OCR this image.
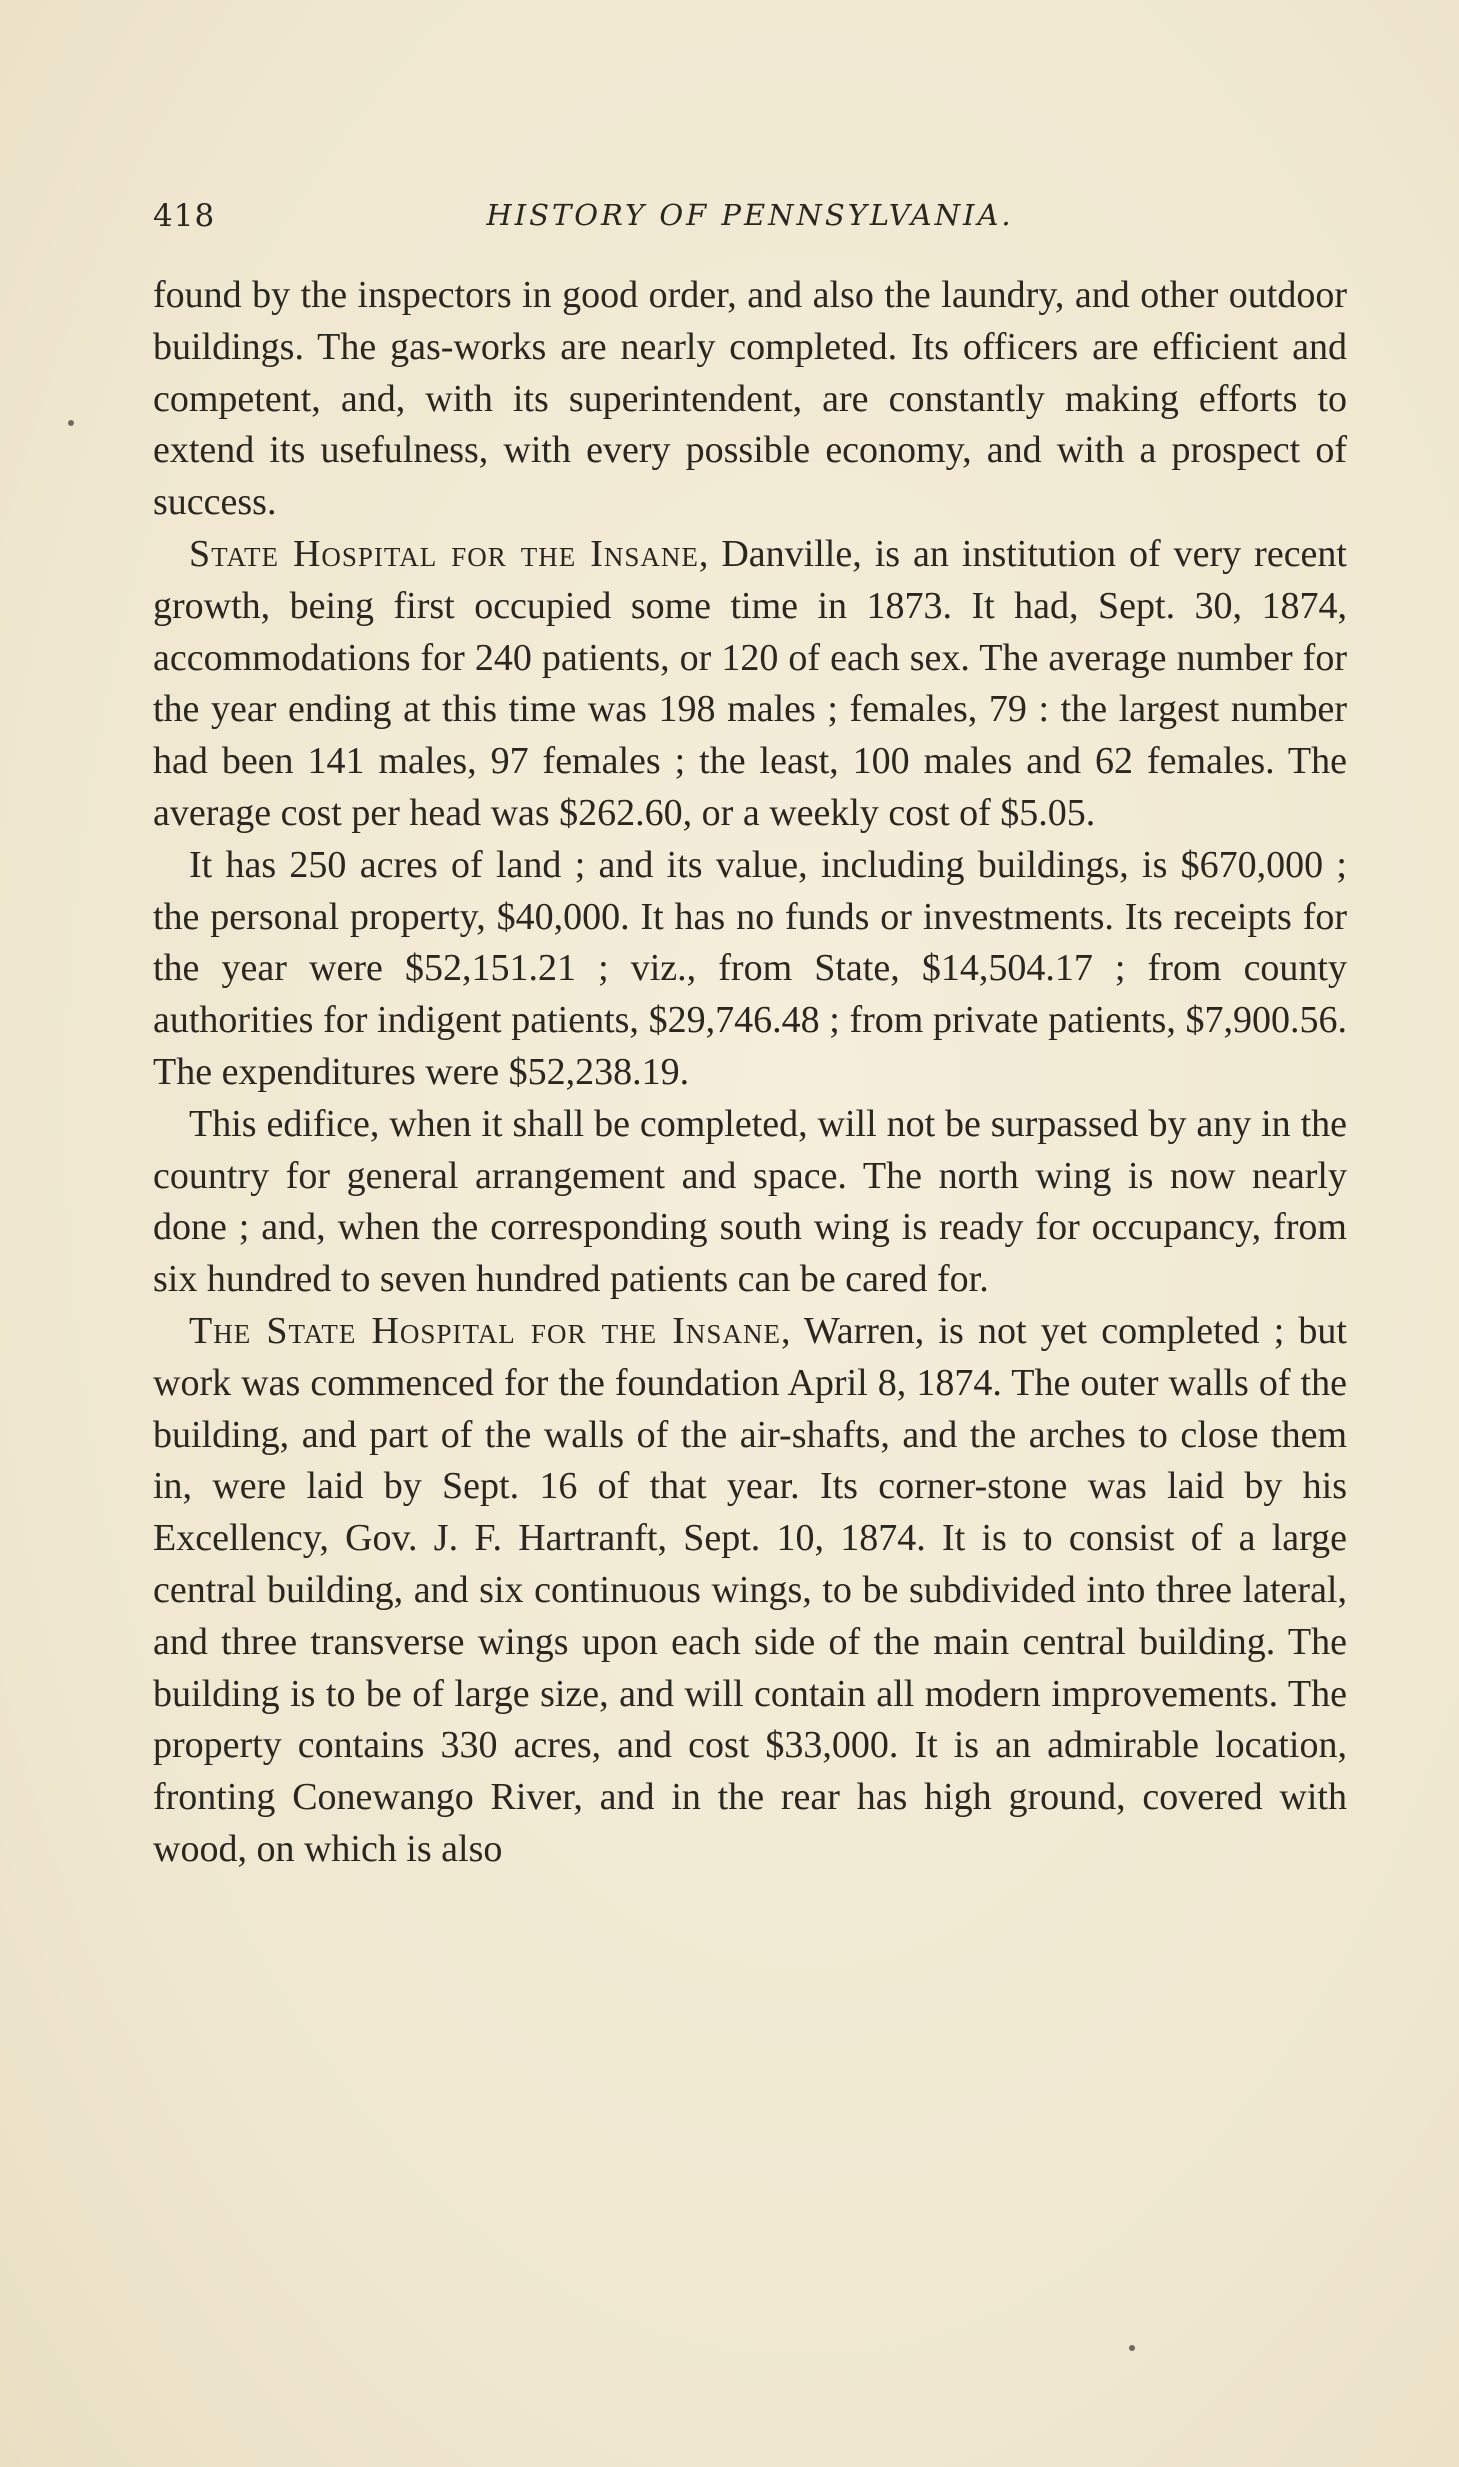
418	HISTORY OF PENNSYLVANIA.

found by the inspectors in good order, and also the laundry, and other outdoor buildings. The gas-works are nearly completed. Its officers are efficient and competent, and, with its superintendent, are constantly making efforts to extend its usefulness, with every possible economy, and with a prospect of success.

State Hospital for the Insane, Danville, is an institution of very recent growth, being first occupied some time in 1873. It had, Sept. 30, 1874, accommodations for 240 patients, or 120 of each sex. The average number for the year ending at this time was 198 males ; females, 79 : the largest number had been 141 males, 97 females ; the least, 100 males and 62 females. The average cost per head was $262.60, or a weekly cost of $5.05.

It has 250 acres of land ; and its value, including buildings, is $670,000 ; the personal property, $40,000. It has no funds or investments. Its receipts for the year were $52,151.21 ; viz., from State, $14,504.17 ; from county authorities for indigent patients, $29,746.48 ; from private patients, $7,900.56. The expenditures were $52,238.19.

This edifice, when it shall be completed, will not be surpassed by any in the country for general arrangement and space. The north wing is now nearly done ; and, when the corresponding south wing is ready for occupancy, from six hundred to seven hundred patients can be cared for.

The State Hospital for the Insane, Warren, is not yet completed ; but work was commenced for the foundation April 8, 1874. The outer walls of the building, and part of the walls of the air-shafts, and the arches to close them in, were laid by Sept. 16 of that year. Its corner-stone was laid by his Excellency, Gov. J. F. Hartranft, Sept. 10, 1874. It is to consist of a large central building, and six continuous wings, to be subdivided into three lateral, and three transverse wings upon each side of the main central building. The building is to be of large size, and will contain all modern improvements. The property contains 330 acres, and cost $33,000. It is an admirable location, fronting Conewango River, and in the rear has high ground, covered with wood, on which is also
